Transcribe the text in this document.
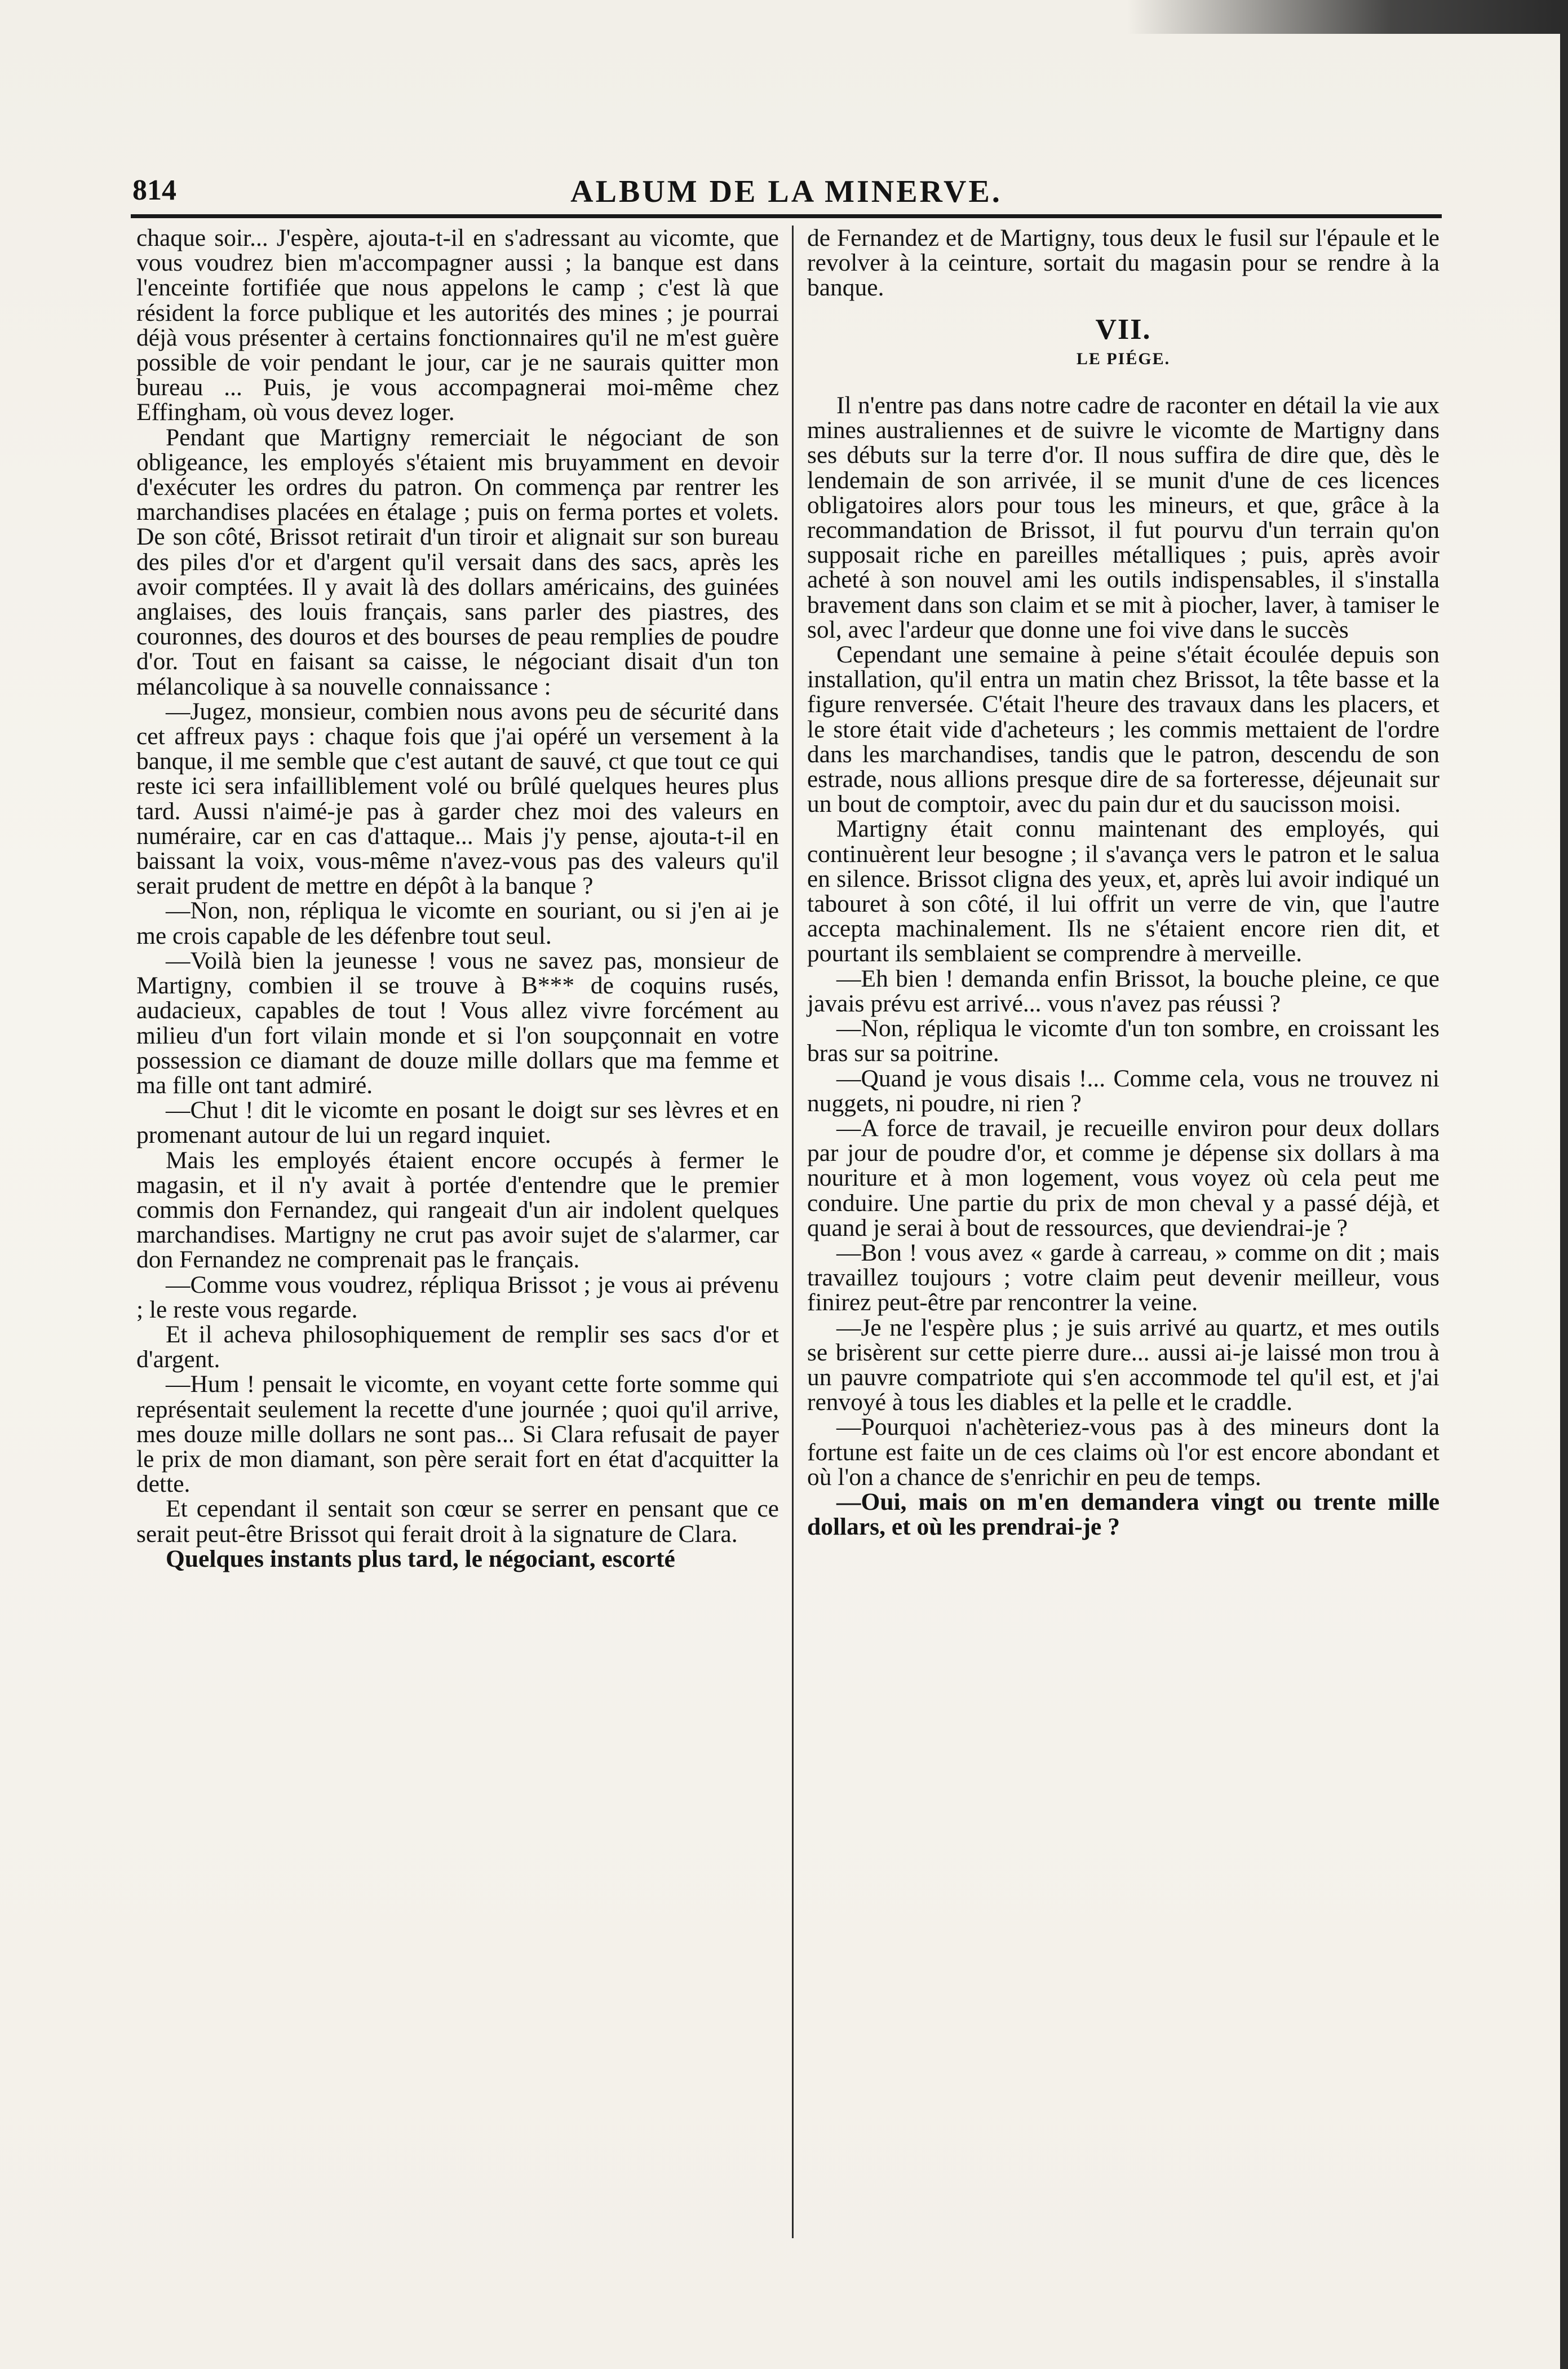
814	ALBUM DE LA MINERVE.

chaque soir... J'espère, ajouta-t-il en s'adressant au vicomte, que vous voudrez bien m'accompagner aussi ; la banque est dans l'enceinte fortifiée que nous appelons le camp ; c'est là que résident la force publique et les autorités des mines ; je pourrai déjà vous présenter à certains fonctionnaires qu'il ne m'est guère possible de voir pendant le jour, car je ne saurais quitter mon bureau ... Puis, je vous accompagnerai moi-même chez Effingham, où vous devez loger.

Pendant que Martigny remerciait le négociant de son obligeance, les employés s'étaient mis bruyamment en devoir d'exécuter les ordres du patron. On commença par rentrer les marchandises placées en étalage ; puis on ferma portes et volets. De son côté, Brissot retirait d'un tiroir et alignait sur son bureau des piles d'or et d'argent qu'il versait dans des sacs, après les avoir comptées. Il y avait là des dollars américains, des guinées anglaises, des louis français, sans parler des piastres, des couronnes, des douros et des bourses de peau remplies de poudre d'or. Tout en faisant sa caisse, le négociant disait d'un ton mélancolique à sa nouvelle connaissance :

—Jugez, monsieur, combien nous avons peu de sécurité dans cet affreux pays : chaque fois que j'ai opéré un versement à la banque, il me semble que c'est autant de sauvé, ct que tout ce qui reste ici sera infailliblement volé ou brûlé quelques heures plus tard. Aussi n'aimé-je pas à garder chez moi des valeurs en numéraire, car en cas d'attaque... Mais j'y pense, ajouta-t-il en baissant la voix, vous-même n'avez-vous pas des valeurs qu'il serait prudent de mettre en dépôt à la banque ?

—Non, non, répliqua le vicomte en souriant, ou si j'en ai je me crois capable de les défenbre tout seul.

—Voilà bien la jeunesse ! vous ne savez pas, monsieur de Martigny, combien il se trouve à B*** de coquins rusés, audacieux, capables de tout ! Vous allez vivre forcément au milieu d'un fort vilain monde et si l'on soupçonnait en votre possession ce diamant de douze mille dollars que ma femme et ma fille ont tant admiré.

—Chut ! dit le vicomte en posant le doigt sur ses lèvres et en promenant autour de lui un regard inquiet.

Mais les employés étaient encore occupés à fermer le magasin, et il n'y avait à portée d'entendre que le premier commis don Fernandez, qui rangeait d'un air indolent quelques marchandises. Martigny ne crut pas avoir sujet de s'alarmer, car don Fernandez ne comprenait pas le français.

—Comme vous voudrez, répliqua Brissot ; je vous ai prévenu ; le reste vous regarde.

Et il acheva philosophiquement de remplir ses sacs d'or et d'argent.

—Hum ! pensait le vicomte, en voyant cette forte somme qui représentait seulement la recette d'une journée ; quoi qu'il arrive, mes douze mille dollars ne sont pas... Si Clara refusait de payer le prix de mon diamant, son père serait fort en état d'acquitter la dette.

Et cependant il sentait son cœur se serrer en pensant que ce serait peut-être Brissot qui ferait droit à la signature de Clara.

Quelques instants plus tard, le négociant, escorté

de Fernandez et de Martigny, tous deux le fusil sur l'épaule et le revolver à la ceinture, sortait du magasin pour se rendre à la banque.

VII.
LE PIÉGE.

Il n'entre pas dans notre cadre de raconter en détail la vie aux mines australiennes et de suivre le vicomte de Martigny dans ses débuts sur la terre d'or. Il nous suffira de dire que, dès le lendemain de son arrivée, il se munit d'une de ces licences obligatoires alors pour tous les mineurs, et que, grâce à la recommandation de Brissot, il fut pourvu d'un terrain qu'on supposait riche en pareilles métalliques ; puis, après avoir acheté à son nouvel ami les outils indispensables, il s'installa bravement dans son claim et se mit à piocher, laver, à tamiser le sol, avec l'ardeur que donne une foi vive dans le succès

Cependant une semaine à peine s'était écoulée depuis son installation, qu'il entra un matin chez Brissot, la tête basse et la figure renversée. C'était l'heure des travaux dans les placers, et le store était vide d'acheteurs ; les commis mettaient de l'ordre dans les marchandises, tandis que le patron, descendu de son estrade, nous allions presque dire de sa forteresse, déjeunait sur un bout de comptoir, avec du pain dur et du saucisson moisi.

Martigny était connu maintenant des employés, qui continuèrent leur besogne ; il s'avança vers le patron et le salua en silence. Brissot cligna des yeux, et, après lui avoir indiqué un tabouret à son côté, il lui offrit un verre de vin, que l'autre accepta machinalement. Ils ne s'étaient encore rien dit, et pourtant ils semblaient se comprendre à merveille.

—Eh bien ! demanda enfin Brissot, la bouche pleine, ce que javais prévu est arrivé... vous n'avez pas réussi ?

—Non, répliqua le vicomte d'un ton sombre, en croissant les bras sur sa poitrine.

—Quand je vous disais !... Comme cela, vous ne trouvez ni nuggets, ni poudre, ni rien ?

—A force de travail, je recueille environ pour deux dollars par jour de poudre d'or, et comme je dépense six dollars à ma nouriture et à mon logement, vous voyez où cela peut me conduire. Une partie du prix de mon cheval y a passé déjà, et quand je serai à bout de ressources, que deviendrai-je ?

—Bon ! vous avez « garde à carreau, » comme on dit ; mais travaillez toujours ; votre claim peut devenir meilleur, vous finirez peut-être par rencontrer la veine.

—Je ne l'espère plus ; je suis arrivé au quartz, et mes outils se brisèrent sur cette pierre dure... aussi ai-je laissé mon trou à un pauvre compatriote qui s'en accommode tel qu'il est, et j'ai renvoyé à tous les diables et la pelle et le craddle.

—Pourquoi n'achèteriez-vous pas à des mineurs dont la fortune est faite un de ces claims où l'or est encore abondant et où l'on a chance de s'enrichir en peu de temps.

—Oui, mais on m'en demandera vingt ou trente mille dollars, et où les prendrai-je ?
